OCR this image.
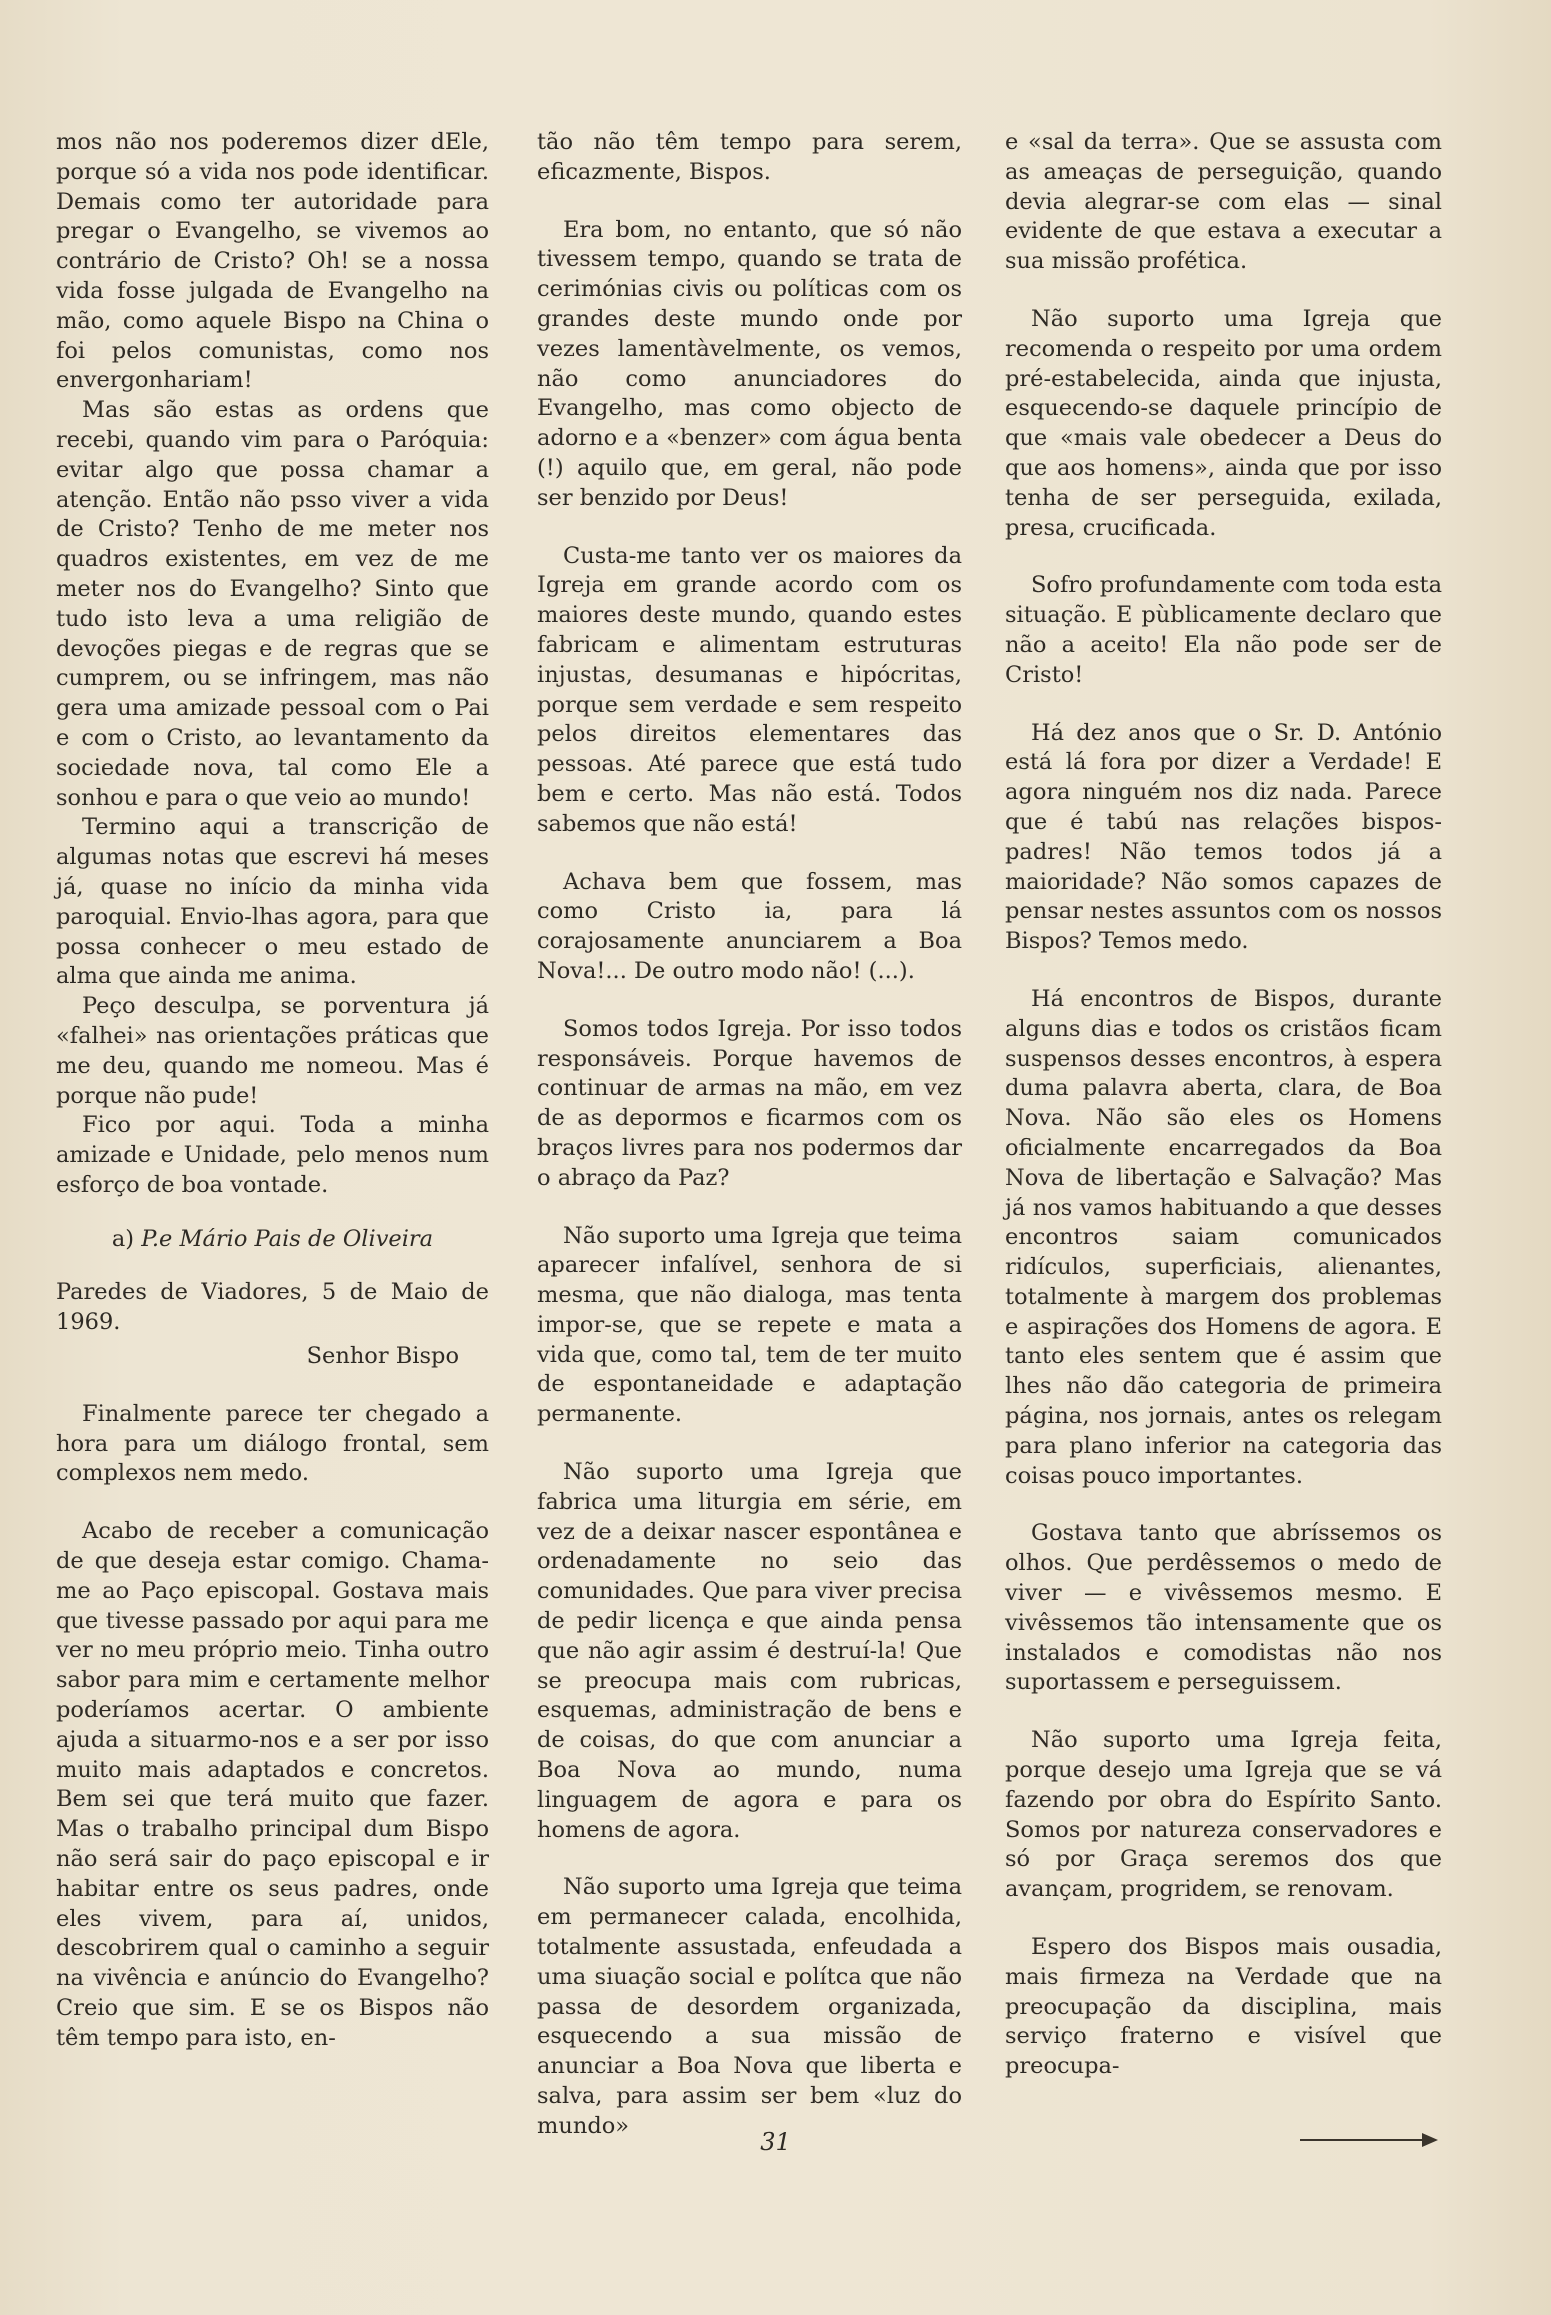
mos não nos poderemos dizer dEle, porque só a vida nos pode identificar. Demais como ter autoridade para pregar o Evangelho, se vivemos ao contrário de Cristo? Oh! se a nossa vida fosse julgada de Evangelho na mão, como aquele Bispo na China o foi pelos comunistas, como nos envergonhariam!

Mas são estas as ordens que recebi, quando vim para o Paróquia: evitar algo que possa chamar a atenção. Então não psso viver a vida de Cristo? Tenho de me meter nos quadros existentes, em vez de me meter nos do Evangelho? Sinto que tudo isto leva a uma religião de devoções piegas e de regras que se cumprem, ou se infringem, mas não gera uma amizade pessoal com o Pai e com o Cristo, ao levantamento da sociedade nova, tal como Ele a sonhou e para o que veio ao mundo!

Termino aqui a transcrição de algumas notas que escrevi há meses já, quase no início da minha vida paroquial. Envio-lhas agora, para que possa conhecer o meu estado de alma que ainda me anima.

Peço desculpa, se porventura já «falhei» nas orientações práticas que me deu, quando me nomeou. Mas é porque não pude!

Fico por aqui. Toda a minha amizade e Unidade, pelo menos num esforço de boa vontade.

a) P.e Mário Pais de Oliveira

Paredes de Viadores, 5 de Maio de 1969.

Senhor Bispo

Finalmente parece ter chegado a hora para um diálogo frontal, sem complexos nem medo.

Acabo de receber a comunicação de que deseja estar comigo. Chama-me ao Paço episcopal. Gostava mais que tivesse passado por aqui para me ver no meu próprio meio. Tinha outro sabor para mim e certamente melhor poderíamos acertar. O ambiente ajuda a situarmo-nos e a ser por isso muito mais adaptados e concretos. Bem sei que terá muito que fazer. Mas o trabalho principal dum Bispo não será sair do paço episcopal e ir habitar entre os seus padres, onde eles vivem, para aí, unidos, descobrirem qual o caminho a seguir na vivência e anúncio do Evangelho? Creio que sim. E se os Bispos não têm tempo para isto, en-

tão não têm tempo para serem, eficazmente, Bispos.

Era bom, no entanto, que só não tivessem tempo, quando se trata de cerimónias civis ou políticas com os grandes deste mundo onde por vezes lamentàvelmente, os vemos, não como anunciadores do Evangelho, mas como objecto de adorno e a «benzer» com água benta (!) aquilo que, em geral, não pode ser benzido por Deus!

Custa-me tanto ver os maiores da Igreja em grande acordo com os maiores deste mundo, quando estes fabricam e alimentam estruturas injustas, desumanas e hipócritas, porque sem verdade e sem respeito pelos direitos elementares das pessoas. Até parece que está tudo bem e certo. Mas não está. Todos sabemos que não está!

Achava bem que fossem, mas como Cristo ia, para lá corajosamente anunciarem a Boa Nova!... De outro modo não! (...).

Somos todos Igreja. Por isso todos responsáveis. Porque havemos de continuar de armas na mão, em vez de as depormos e ficarmos com os braços livres para nos podermos dar o abraço da Paz?

Não suporto uma Igreja que teima aparecer infalível, senhora de si mesma, que não dialoga, mas tenta impor-se, que se repete e mata a vida que, como tal, tem de ter muito de espontaneidade e adaptação permanente.

Não suporto uma Igreja que fabrica uma liturgia em série, em vez de a deixar nascer espontânea e ordenadamente no seio das comunidades. Que para viver precisa de pedir licença e que ainda pensa que não agir assim é destruí-la! Que se preocupa mais com rubricas, esquemas, administração de bens e de coisas, do que com anunciar a Boa Nova ao mundo, numa linguagem de agora e para os homens de agora.

Não suporto uma Igreja que teima em permanecer calada, encolhida, totalmente assustada, enfeudada a uma siuação social e polítca que não passa de desordem organizada, esquecendo a sua missão de anunciar a Boa Nova que liberta e salva, para assim ser bem «luz do mundo»

e «sal da terra». Que se assusta com as ameaças de perseguição, quando devia alegrar-se com elas — sinal evidente de que estava a executar a sua missão profética.

Não suporto uma Igreja que recomenda o respeito por uma ordem pré-estabelecida, ainda que injusta, esquecendo-se daquele princípio de que «mais vale obedecer a Deus do que aos homens», ainda que por isso tenha de ser perseguida, exilada, presa, crucificada.

Sofro profundamente com toda esta situação. E pùblicamente declaro que não a aceito! Ela não pode ser de Cristo!

Há dez anos que o Sr. D. António está lá fora por dizer a Verdade! E agora ninguém nos diz nada. Parece que é tabú nas relações bispos-padres! Não temos todos já a maioridade? Não somos capazes de pensar nestes assuntos com os nossos Bispos? Temos medo.

Há encontros de Bispos, durante alguns dias e todos os cristãos ficam suspensos desses encontros, à espera duma palavra aberta, clara, de Boa Nova. Não são eles os Homens oficialmente encarregados da Boa Nova de libertação e Salvação? Mas já nos vamos habituando a que desses encontros saiam comunicados ridículos, superficiais, alienantes, totalmente à margem dos problemas e aspirações dos Homens de agora. E tanto eles sentem que é assim que lhes não dão categoria de primeira página, nos jornais, antes os relegam para plano inferior na categoria das coisas pouco importantes.

Gostava tanto que abríssemos os olhos. Que perdêssemos o medo de viver — e vivêssemos mesmo. E vivêssemos tão intensamente que os instalados e comodistas não nos suportassem e perseguissem.

Não suporto uma Igreja feita, porque desejo uma Igreja que se vá fazendo por obra do Espírito Santo. Somos por natureza conservadores e só por Graça seremos dos que avançam, progridem, se renovam.

Espero dos Bispos mais ousadia, mais firmeza na Verdade que na preocupação da disciplina, mais serviço fraterno e visível que preocupa-

31
